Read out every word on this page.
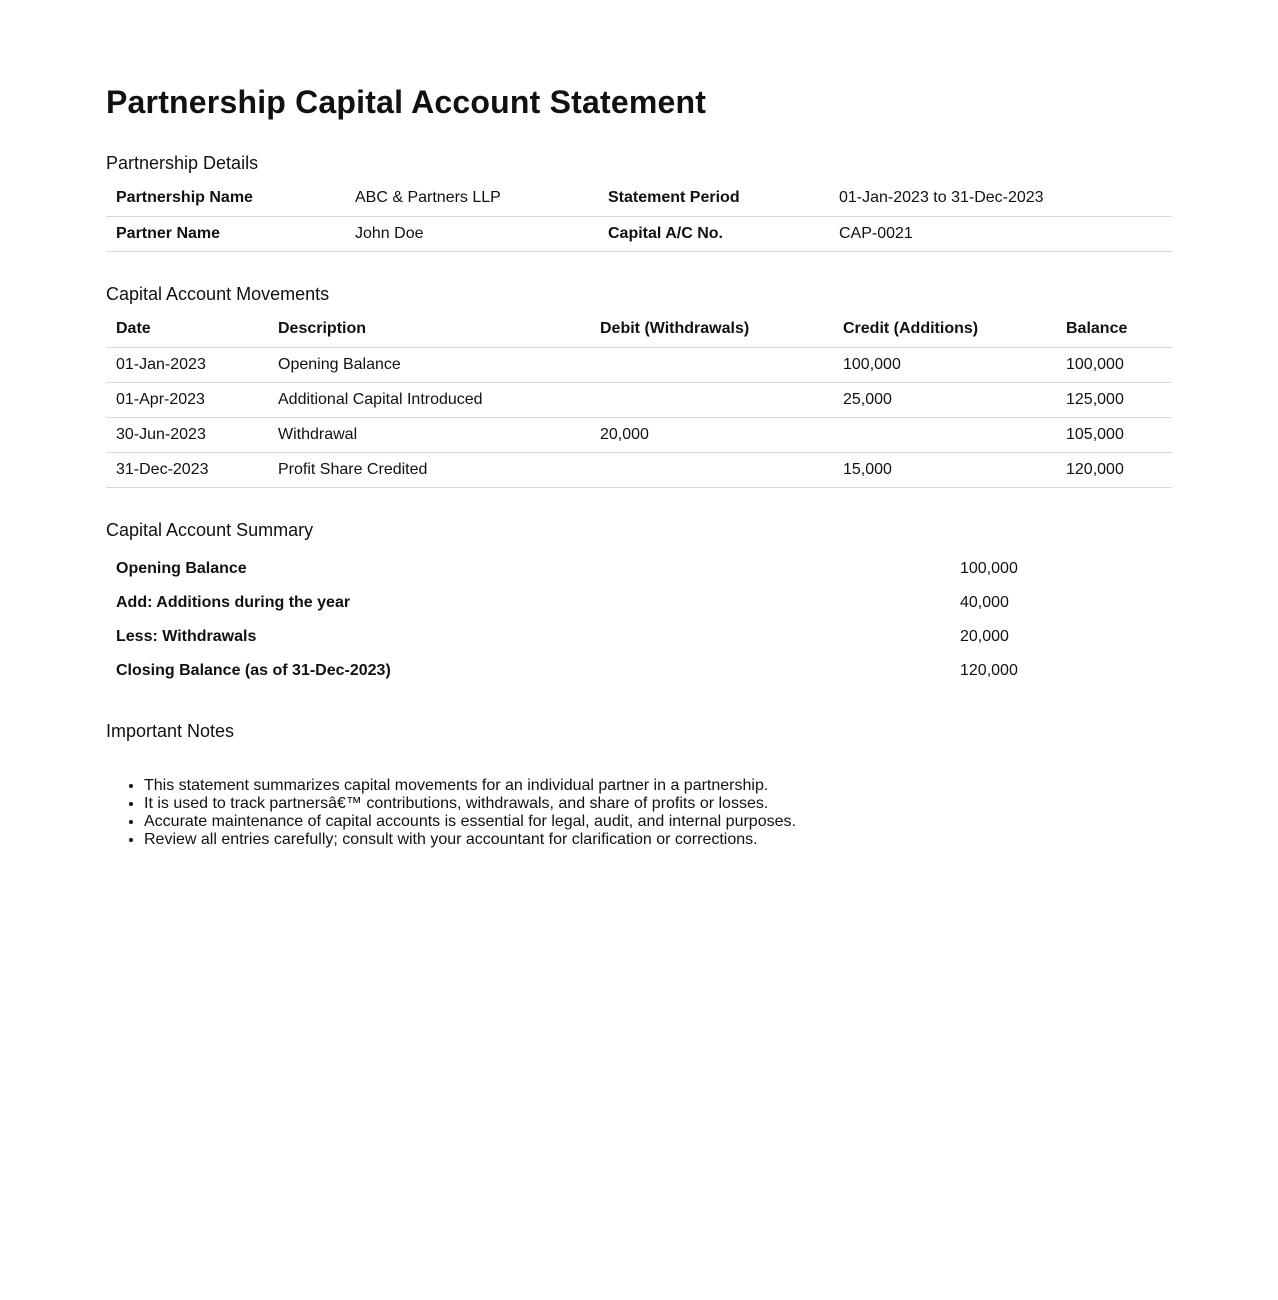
Partnership Capital Account Statement
Partnership Details
Partnership Name	ABC & Partners LLP	Statement Period	01-Jan-2023 to 31-Dec-2023
Partner Name	John Doe	Capital A/C No.	CAP-0021
Capital Account Movements
Date	Description	Debit (Withdrawals)	Credit (Additions)	Balance
01-Jan-2023	Opening Balance		100,000	100,000
01-Apr-2023	Additional Capital Introduced		25,000	125,000
30-Jun-2023	Withdrawal	20,000		105,000
31-Dec-2023	Profit Share Credited		15,000	120,000
Capital Account Summary
Opening Balance	100,000
Add: Additions during the year	40,000
Less: Withdrawals	20,000
Closing Balance (as of 31-Dec-2023)	120,000
Important Notes
• This statement summarizes capital movements for an individual partner in a partnership.
• It is used to track partnersâ€™ contributions, withdrawals, and share of profits or losses.
• Accurate maintenance of capital accounts is essential for legal, audit, and internal purposes.
• Review all entries carefully; consult with your accountant for clarification or corrections.
